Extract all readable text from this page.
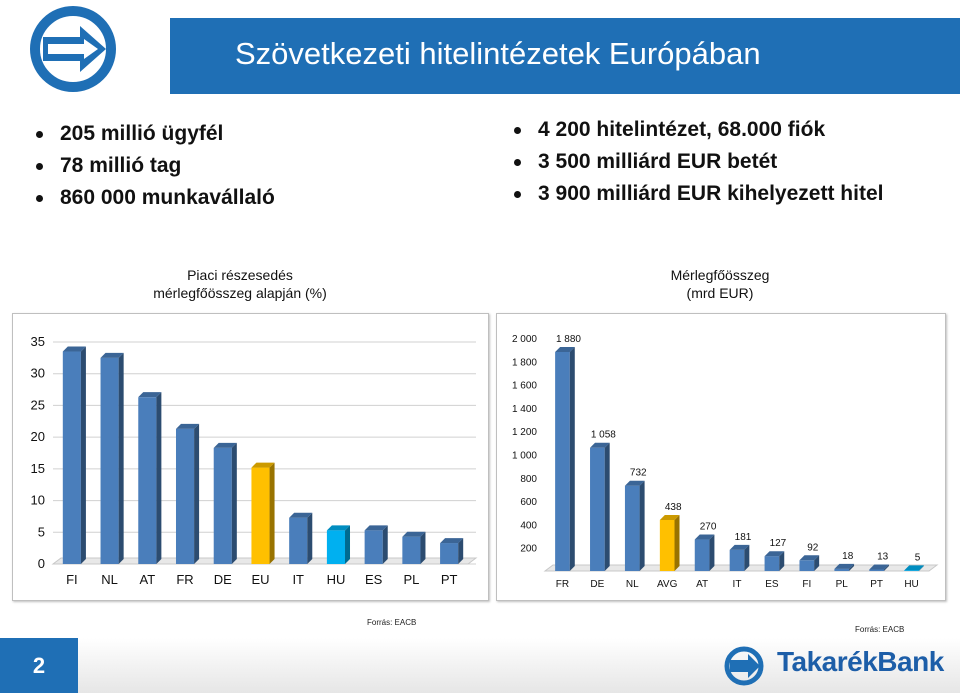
Szövetkezeti hitelintézetek Európában
205 millió ügyfél
78 millió tag
860 000 munkavállaló
4 200 hitelintézet, 68.000 fiók
3 500 milliárd EUR betét
3 900 milliárd EUR kihelyezett hitel
Piaci részesedés
mérlegfőösszeg alapján (%)
Mérlegfőösszeg
(mrd EUR)
0
5
10
15
20
25
30
35
FI NL AT FR DE EU IT HU ES PL PT
200
400
600
800
1 000
1 200
1 400
1 600
1 800
2 000
FR
1 880
DE
1 058
NL
732
AVG
438
AT
270
IT
181
ES
127
FI
92
PL
18
PT
13
HU
5
Forrás: EACB
Forrás: EACB
2	TakarékBank
